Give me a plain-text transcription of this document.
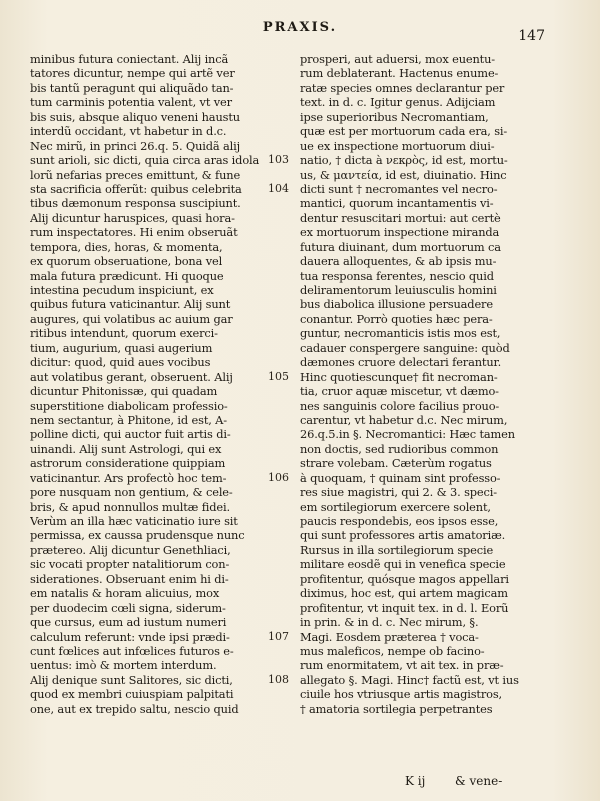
PRAXIS.
147
minibus futura coniectant. Alij incã
tatores dicuntur, nempe qui artẽ ver
bis tantũ peragunt qui aliquãdo tan-
tum carminis potentia valent, vt ver
bis suis, absque aliquo veneni haustu
interdũ occidant, vt habetur in d.c.
Nec mirũ, in princi 26.q. 5. Quidã alij
sunt arioli, sic dicti, quia circa aras idola
lorũ nefarias preces emittunt, & fune
sta sacrificia offerũt: quibus celebrita
tibus dæmonum responsa suscipiunt.
Alij dicuntur haruspices, quasi hora-
rum inspectatores. Hi enim obseruãt
tempora, dies, horas, & momenta,
ex quorum obseruatione, bona vel
mala futura prædicunt. Hi quoque
intestina pecudum inspiciunt, ex
quibus futura vaticinantur. Alij sunt
augures, qui volatibus ac auium gar
ritibus intendunt, quorum exerci-
tium, augurium, quasi augerium
dicitur: quod, quid aues vocibus
aut volatibus gerant, obseruent. Alij
dicuntur Phitonissæ, qui quadam
superstitione diabolicam professio-
nem sectantur, à Phitone, id est, A-
polline dicti, qui auctor fuit artis di-
uinandi. Alij sunt Astrologi, qui ex
astrorum consideratione quippiam
vaticinantur. Ars profectò hoc tem-
pore nusquam non gentium, & cele-
bris, & apud nonnullos multæ fidei.
Verùm an illa hæc vaticinatio iure sit
permissa, ex caussa prudensque nunc
prætereo. Alij dicuntur Genethliaci,
sic vocati propter natalitiorum con-
siderationes. Obseruant enim hi di-
em natalis & horam alicuius, mox
per duodecim cœli signa, siderum-
que cursus, eum ad iustum numeri
calculum referunt: vnde ipsi prædi-
cunt fœlices aut infœlices futuros e-
uentus: imò & mortem interdum.
Alij denique sunt Salitores, sic dicti,
quod ex membri cuiuspiam palpitati
one, aut ex trepido saltu, nescio quid
prosperi, aut aduersi, mox euentu-
rum deblaterant. Hactenus enume-
ratæ species omnes declarantur per
text. in d. c. Igitur genus. Adijciam
ipse superioribus Necromantiam,
quæ est per mortuorum cada era, si-
ue ex inspectione mortuorum diui-
natio, † dicta à νεκρὸς, id est, mortu-
us, & μαντεία, id est, diuinatio. Hinc
dicti sunt † necromantes vel necro-
mantici, quorum incantamentis vi-
dentur resuscitari mortui: aut certè
ex mortuorum inspectione miranda
futura diuinant, dum mortuorum ca
dauera alloquentes, & ab ipsis mu-
tua responsa ferentes, nescio quid
deliramentorum leuiusculis homini
bus diabolica illusione persuadere
conantur. Porrò quoties hæc pera-
guntur, necromanticis istis mos est,
cadauer conspergere sanguine: quòd
dæmones cruore delectari ferantur.
Hinc quotiescunque† fit necroman-
tia, cruor aquæ miscetur, vt dæmo-
nes sanguinis colore facilius prouo-
carentur, vt habetur d.c. Nec mirum,
26.q.5.in §. Necromantici: Hæc tamen
non doctis, sed rudioribus common
strare volebam. Cæterùm rogatus
à quoquam, † quinam sint professo-
res siue magistri, qui 2. & 3. speci-
em sortilegiorum exercere solent,
paucis respondebis, eos ipsos esse,
qui sunt professores artis amatoriæ.
Rursus in illa sortilegiorum specie
militare eosdẽ qui in venefica specie
profitentur, quósque magos appellari
diximus, hoc est, qui artem magicam
profitentur, vt inquit tex. in d. l. Eorũ
in prin. & in d. c. Nec mirum, §.
Magi. Eosdem præterea † voca-
mus maleficos, nempe ob facino-
rum enormitatem, vt ait tex. in præ-
allegato §. Magi. Hinc† factũ est, vt ius
ciuile hos vtriusque artis magistros,
† amatoria sortilegia perpetrantes
103
104
105
106
107
108
K ij & vene-
